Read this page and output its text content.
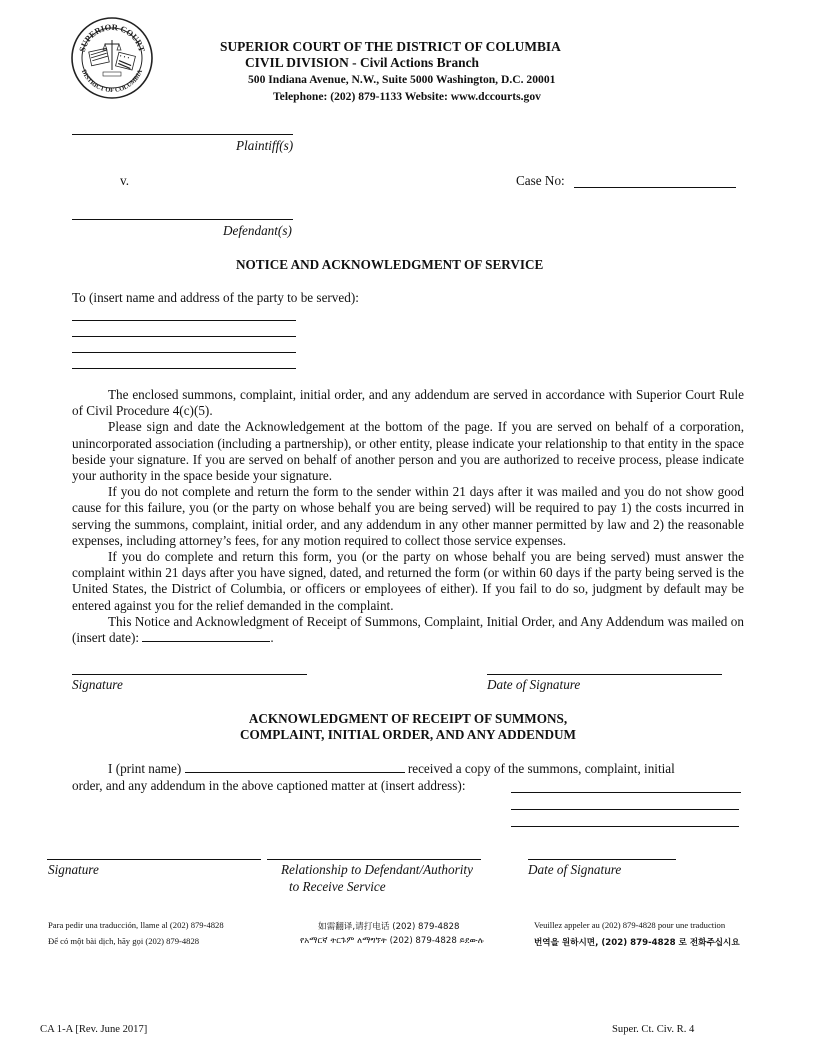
SUPERIOR COURT
DISTRICT OF COLUMBIA
SUPERIOR COURT OF THE DISTRICT OF COLUMBIA
CIVIL DIVISION - Civil Actions Branch
500 Indiana Avenue, N.W., Suite 5000 Washington, D.C. 20001
Telephone: (202) 879-1133 Website: www.dccourts.gov
Plaintiff(s)
v.	Case No:
Defendant(s)
NOTICE AND ACKNOWLEDGMENT OF SERVICE
To (insert name and address of the party to be served):

The enclosed summons, complaint, initial order, and any addendum are served in accordance with Superior Court Rule of Civil Procedure 4(c)(5).

Please sign and date the Acknowledgement at the bottom of the page. If you are served on behalf of a corporation, unincorporated association (including a partnership), or other entity, please indicate your relationship to that entity in the space beside your signature. If you are served on behalf of another person and you are authorized to receive process, please indicate your authority in the space beside your signature.

If you do not complete and return the form to the sender within 21 days after it was mailed and you do not show good cause for this failure, you (or the party on whose behalf you are being served) will be required to pay 1) the costs incurred in serving the summons, complaint, initial order, and any addendum in any other manner permitted by law and 2) the reasonable expenses, including attorney’s fees, for any motion required to collect those service expenses.

If you do complete and return this form, you (or the party on whose behalf you are being served) must answer the complaint within 21 days after you have signed, dated, and returned the form (or within 60 days if the party being served is the United States, the District of Columbia, or officers or employees of either). If you fail to do so, judgment by default may be entered against you for the relief demanded in the complaint.

This Notice and Acknowledgment of Receipt of Summons, Complaint, Initial Order, and Any Addendum was mailed on (insert date):	.

Signature	Date of Signature
ACKNOWLEDGMENT OF RECEIPT OF SUMMONS,
COMPLAINT, INITIAL ORDER, AND ANY ADDENDUM
I (print name)	received a copy of the summons, complaint, initial
order, and any addendum in the above captioned matter at (insert address):
Signature	Relationship to Defendant/Authority
to Receive Service
Date of Signature
Para pedir una traducción, llame al (202) 879-4828
Để có một bài dịch, hãy gọi (202) 879-4828
如需翻译,请打电话 (202) 879-4828
የአማርኛ ትርጉም ለማግኘት (202) 879-4828 ይደውሉ
Veuillez appeler au (202) 879-4828 pour une traduction
번역을 원하시면, (202) 879-4828 로 전화주십시요
CA 1-A [Rev. June 2017]	Super. Ct. Civ. R. 4
